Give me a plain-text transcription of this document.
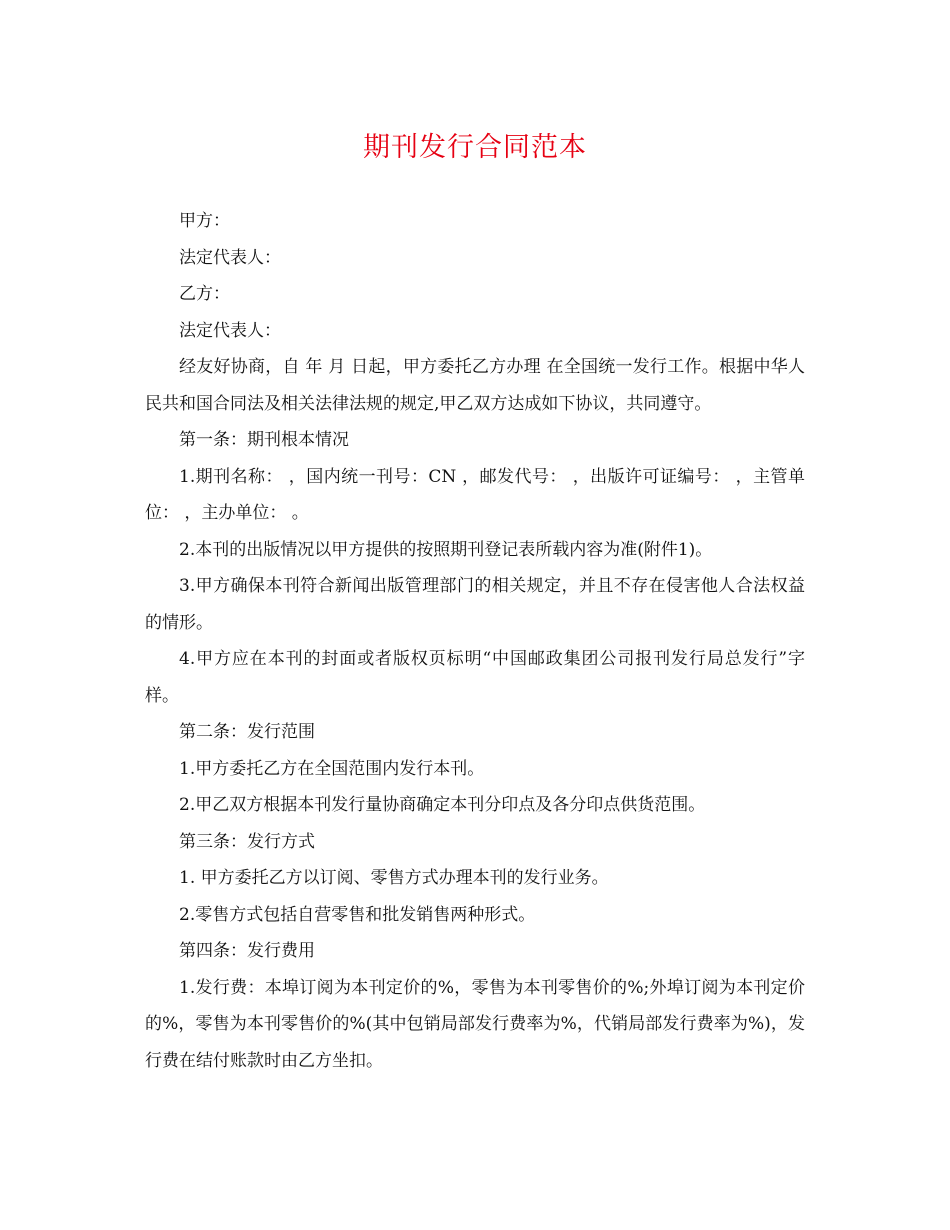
期刊发行合同范本

甲方：

法定代表人：

乙方：

法定代表人：

经友好协商，自 年 月 日起，甲方委托乙方办理 在全国统一发行工作。根据中华人民共和国合同法及相关法律法规的规定,甲乙双方达成如下协议，共同遵守。

第一条：期刊根本情况

1.期刊名称： ，国内统一刊号：CN ，邮发代号： ，出版许可证编号： ，主管单位： ，主办单位： 。

2.本刊的出版情况以甲方提供的按照期刊登记表所载内容为准(附件1)。

3.甲方确保本刊符合新闻出版管理部门的相关规定，并且不存在侵害他人合法权益的情形。

4.甲方应在本刊的封面或者版权页标明“中国邮政集团公司报刊发行局总发行”字样。

第二条：发行范围

1.甲方委托乙方在全国范围内发行本刊。

2.甲乙双方根据本刊发行量协商确定本刊分印点及各分印点供货范围。

第三条：发行方式

1. 甲方委托乙方以订阅、零售方式办理本刊的发行业务。

2.零售方式包括自营零售和批发销售两种形式。

第四条：发行费用

1.发行费：本埠订阅为本刊定价的%，零售为本刊零售价的%;外埠订阅为本刊定价的%，零售为本刊零售价的%(其中包销局部发行费率为%，代销局部发行费率为%)，发行费在结付账款时由乙方坐扣。
